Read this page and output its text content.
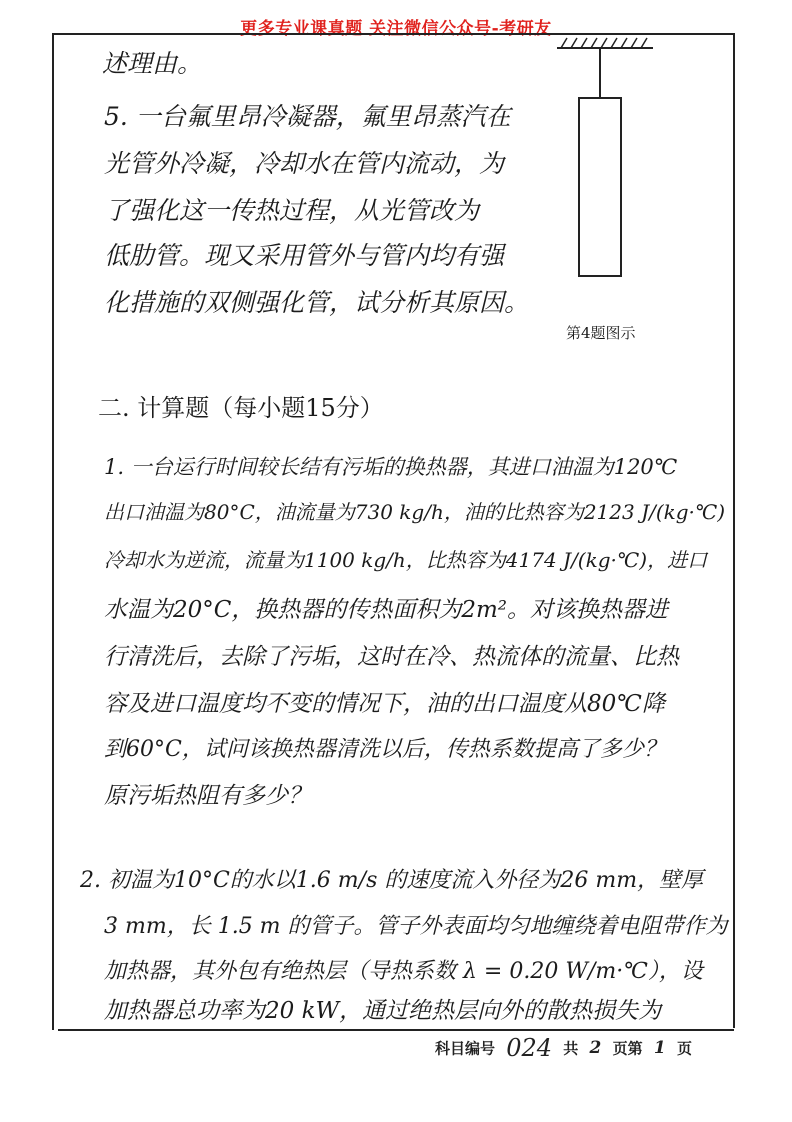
更多专业课真题 关注微信公众号-考研友
第4题图示
述理由。
5. 一台氟里昂冷凝器，氟里昂蒸汽在
光管外冷凝，冷却水在管内流动，为
了强化这一传热过程，从光管改为
低肋管。现又采用管外与管内均有强
化措施的双侧强化管，试分析其原因。
二. 计算题（每小题15分）
1. 一台运行时间较长结有污垢的换热器，其进口油温为120℃
出口油温为80°C，油流量为730 kg/h，油的比热容为2123 J/(kg·℃)
冷却水为逆流，流量为1100 kg/h，比热容为4174 J/(kg·℃)，进口
水温为20°C，换热器的传热面积为2m²。对该换热器进
行清洗后，去除了污垢，这时在冷、热流体的流量、比热
容及进口温度均不变的情况下，油的出口温度从80℃降
到60°C，试问该换热器清洗以后，传热系数提高了多少？
原污垢热阻有多少？
2. 初温为10°C的水以1.6 m/s 的速度流入外径为26 mm，壁厚
3 mm，长 1.5 m 的管子。管子外表面均匀地缠绕着电阻带作为
加热器，其外包有绝热层（导热系数 λ = 0.20 W/m·℃），设
加热器总功率为20 kW，通过绝热层向外的散热损失为
科目编号 024 共 2 页第 1 页
